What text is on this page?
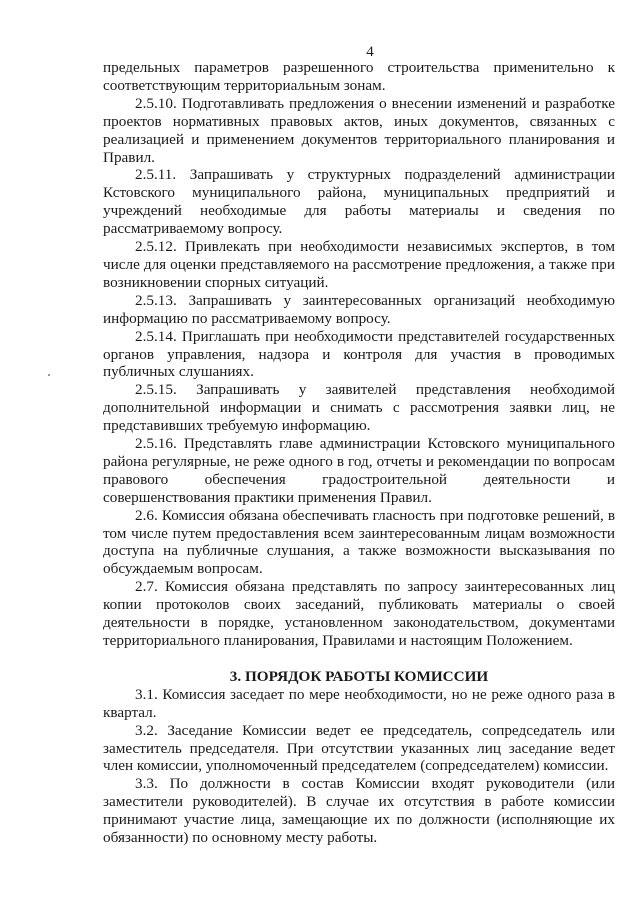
4

предельных параметров разрешенного строительства применительно к соответствующим территориальным зонам.

2.5.10. Подготавливать предложения о внесении изменений и разработке проектов нормативных правовых актов, иных документов, связанных с реализацией и применением документов территориального планирования и Правил.

2.5.11. Запрашивать у структурных подразделений администрации Кстовского муниципального района, муниципальных предприятий и учреждений необходимые для работы материалы и сведения по рассматриваемому вопросу.

2.5.12. Привлекать при необходимости независимых экспертов, в том числе для оценки представляемого на рассмотрение предложения, а также при возникновении спорных ситуаций.

2.5.13. Запрашивать у заинтересованных организаций необходимую информацию по рассматриваемому вопросу.

2.5.14. Приглашать при необходимости представителей государственных органов управления, надзора и контроля для участия в проводимых публичных слушаниях.

2.5.15. Запрашивать у заявителей представления необходимой дополнительной информации и снимать с рассмотрения заявки лиц, не представивших требуемую информацию.

2.5.16. Представлять главе администрации Кстовского муниципального района регулярные, не реже одного в год, отчеты и рекомендации по вопросам правового обеспечения градостроительной деятельности и совершенствования практики применения Правил.

2.6. Комиссия обязана обеспечивать гласность при подготовке решений, в том числе путем предоставления всем заинтересованным лицам возможности доступа на публичные слушания, а также возможности высказывания по обсуждаемым вопросам.

2.7. Комиссия обязана представлять по запросу заинтересованных лиц копии протоколов своих заседаний, публиковать материалы о своей деятельности в порядке, установленном законодательством, документами территориального планирования, Правилами и настоящим Положением.

3. ПОРЯДОК РАБОТЫ КОМИССИИ

3.1. Комиссия заседает по мере необходимости, но не реже одного раза в квартал.

3.2. Заседание Комиссии ведет ее председатель, сопредседатель или заместитель председателя. При отсутствии указанных лиц заседание ведет член комиссии, уполномоченный председателем (сопредседателем) комиссии.

3.3. По должности в состав Комиссии входят руководители (или заместители руководителей). В случае их отсутствия в работе комиссии принимают участие лица, замещающие их по должности (исполняющие их обязанности) по основному месту работы.
